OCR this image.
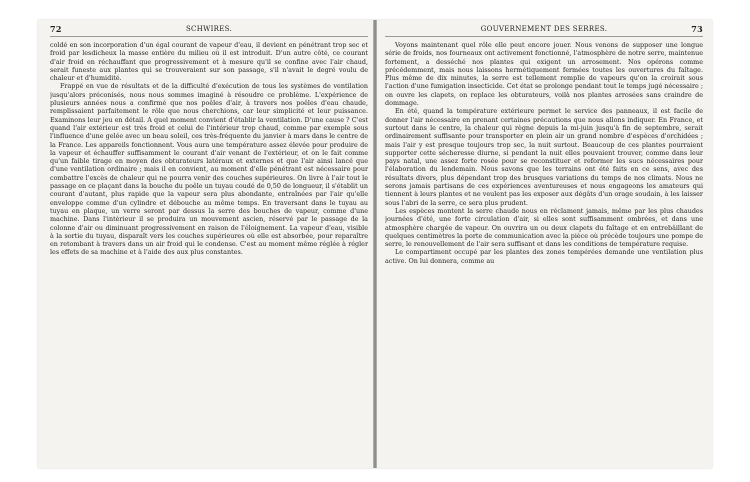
72	SCHWIRES.

coldé en son incorporation d'un égal courant de vapeur d'eau, il devient en pénétrant trop sec et froid par lesdicheux la masse entière du milieu où il est introduit. D'un autre côté, ce courant d'air froid en réchauffant que progressivement et à mesure qu'il se confine avec l'air chaud, serait funeste aux plantes qui se trouveraient sur son passage, s'il n'avait le degré voulu de chaleur et d'humidité.

Frappé en vue de résultats et de la difficulté d'exécution de tous les systèmes de ventilation jusqu'alors préconisés, nous nous sommes imaginé à résoudre ce problème. L'expérience de plusieurs années nous a confirmé que nos poêles d'air, à travers nos poêles d'eau chaude, remplissaient parfaitement le rôle que nous cherchions, car leur simplicité et leur puissance. Examinons leur jeu en détail. A quel moment convient d'établir la ventilation. D'une cause ? C'est quand l'air extérieur est très froid et celui de l'intérieur trop chaud, comme par exemple sous l'influence d'une gelée avec un beau soleil, ces très-fréquente du janvier à mars dans le centre de la France. Les appareils fonctionnent. Vous aura une température assez élevée pour produire de la vapeur et échauffer suffisamment le courant d'air venant de l'extérieur, et on le fait comme qu'un faible tirage en moyen des obturateurs latéraux et externes et que l'air ainsi lancé que d'une ventilation ordinaire ; mais il en convient, au moment d'elle pénétrant est nécessaire pour combattre l'excès de chaleur qui ne pourra venir des couches supérieures. On livre à l'air tout le passage en ce plaçant dans la bouche du poêle un tuyau coudé de 0,50 de longueur, il s'établit un courant d'autant, plus rapide que la vapeur sera plus abondante, entraînées par l'air qu'elle enveloppe comme d'un cylindre et débouche au même temps. En traversant dans le tuyau au tuyau en plaque, un verre seront par dessus la serre des bouches de vapeur, comme d'une machine. Dans l'intérieur il se produira un mouvement ascien, réservé par le passage de la colonne d'air ou diminuant progressivement en raison de l'éloignement. La vapeur d'eau, visible à la sortie du tuyau, disparaît vers les couches supérieures où elle est absorbée, pour reparaître en retombant à travers dans un air froid qui le condense. C'est au moment même réglée à régler les effets de sa machine et à l'aide des aux plus constantes.

GOUVERNEMENT DES SERRES.	73

Voyons maintenant quel rôle elle peut encore jouer. Nous venons de supposer une longue série de froids, nos fourneaux ont activement fonctionné, l'atmosphère de notre serre, maintenue fortement, a desséché nos plantes qui exigent un arrosement. Nos opérons comme précédemment, mais nous laissons hermétiquement fermées toutes les ouvertures du faîtage. Plus même de dix minutes, la serre est tellement remplie de vapeurs qu'on la croirait sous l'action d'une fumigation insecticide. Cet état se prolonge pendant tout le temps jugé nécessaire ; on ouvre les clapets, on replace les obturateurs, voilà nos plantes arrosées sans craindre de dommage.

En été, quand la température extérieure permet le service des panneaux, il est facile de donner l'air nécessaire en prenant certaines précautions que nous allons indiquer. En France, et surtout dans le centre, la chaleur qui règne depuis la mi-juin jusqu'à fin de septembre, serait ordinairement suffisante pour transporter en plein air un grand nombre d'espèces d'orchidées ; mais l'air y est presque toujours trop sec, la nuit surtout. Beaucoup de ces plantes pourraient supporter cette sécheresse diurne, si pendant la nuit elles pouvaient trouver, comme dans leur pays natal, une assez forte rosée pour se reconstituer et reformer les sucs nécessaires pour l'élaboration du lendemain. Nous savons que les terrains ont été faits en ce sens, avec des résultats divers, plus dépendant trop des brusques variations du temps de nos climats. Nous ne serons jamais partisans de ces expériences aventureuses et nous engageons les amateurs qui tiennent à leurs plantes et ne veulent pas les exposer aux dégâts d'un orage soudain, à les laisser sous l'abri de la serre, ce sera plus prudent.

Les espèces montent la serre chaude nous en réclament jamais, même par les plus chaudes journées d'été, une forte circulation d'air, si elles sont suffisamment ombrées, et dans une atmosphère chargée de vapeur. On ouvrira un ou deux clapets du faîtage et en entrebâillant de quelques centimètres la porte de communication avec la pièce où précède toujours une pompe de serre, le renouvellement de l'air sera suffisant et dans les conditions de température requise.

Le compartiment occupé par les plantes des zones tempérées demande une ventilation plus active. On lui donnera, comme au
